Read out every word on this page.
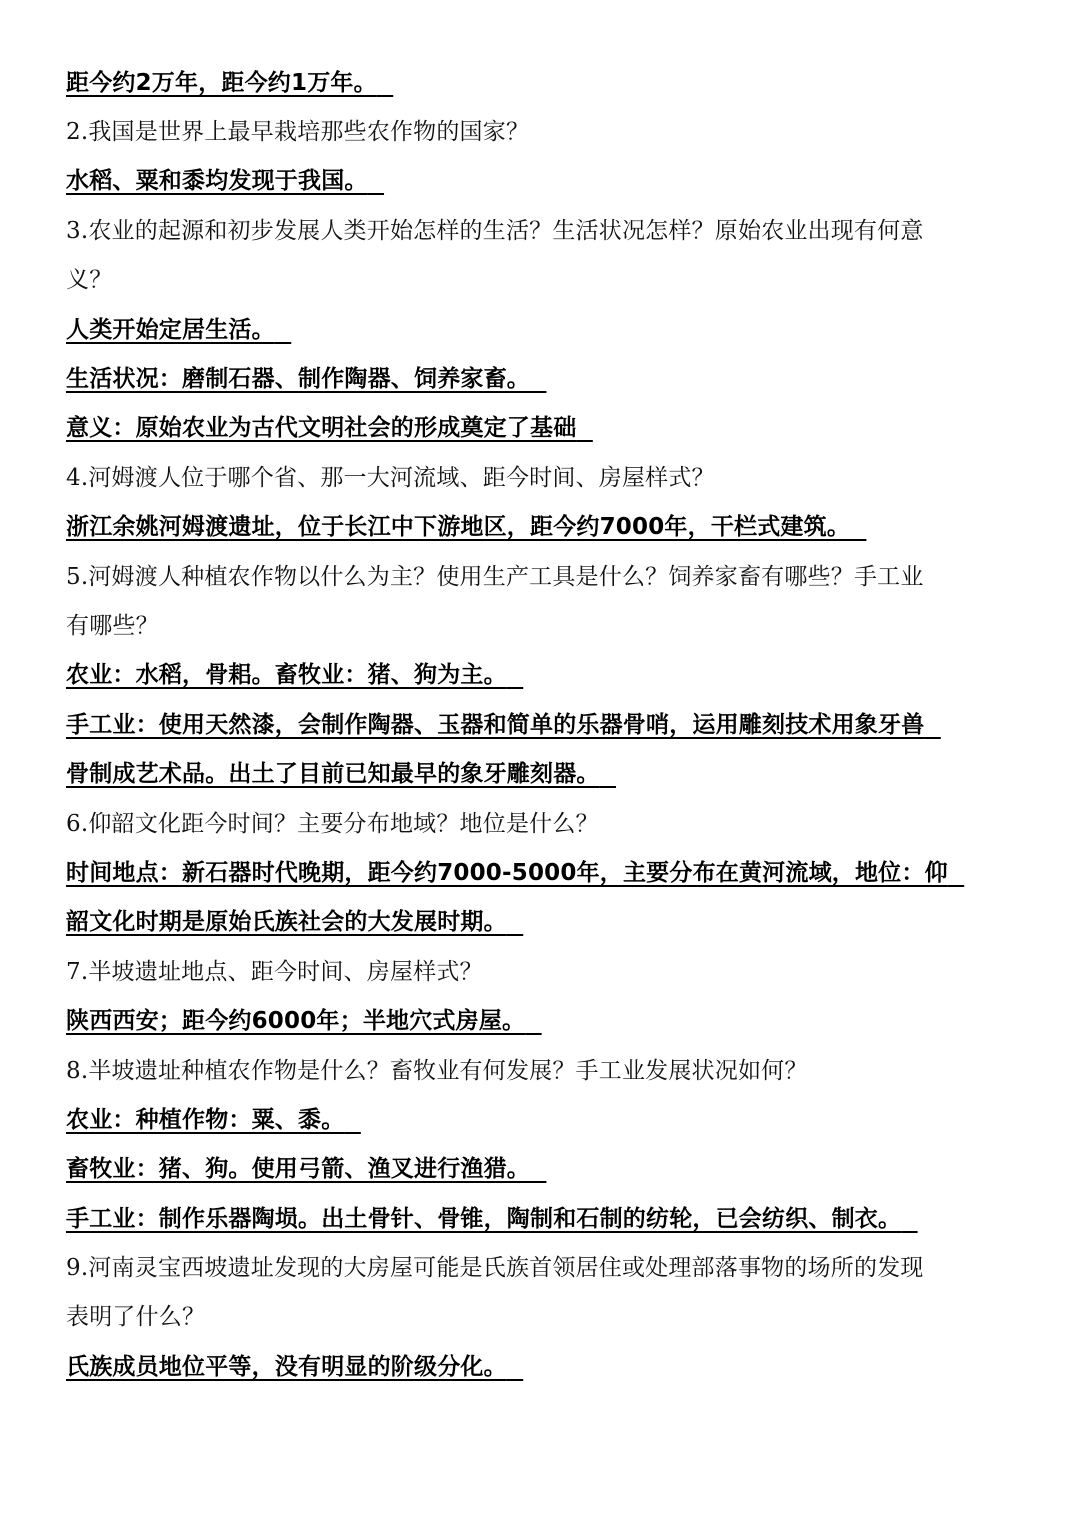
距今约2万年，距今约1万年。
2.我国是世界上最早栽培那些农作物的国家？
水稻、粟和黍均发现于我国。
3.农业的起源和初步发展人类开始怎样的生活？生活状况怎样？原始农业出现有何意
义？
人类开始定居生活。
生活状况：磨制石器、制作陶器、饲养家畜。
意义：原始农业为古代文明社会的形成奠定了基础
4.河姆渡人位于哪个省、那一大河流域、距今时间、房屋样式？
浙江余姚河姆渡遗址，位于长江中下游地区，距今约7000年，干栏式建筑。
5.河姆渡人种植农作物以什么为主？使用生产工具是什么？饲养家畜有哪些？手工业
有哪些？
农业：水稻，骨耜。畜牧业：猪、狗为主。
手工业：使用天然漆，会制作陶器、玉器和简单的乐器骨哨，运用雕刻技术用象牙兽
骨制成艺术品。出土了目前已知最早的象牙雕刻器。
6.仰韶文化距今时间？主要分布地域？地位是什么？
时间地点：新石器时代晚期，距今约7000-5000年，主要分布在黄河流域，地位：仰
韶文化时期是原始氏族社会的大发展时期。
7.半坡遗址地点、距今时间、房屋样式？
陕西西安；距今约6000年；半地穴式房屋。
8.半坡遗址种植农作物是什么？畜牧业有何发展？手工业发展状况如何？
农业：种植作物：粟、黍。
畜牧业：猪、狗。使用弓箭、渔叉进行渔猎。
手工业：制作乐器陶埙。出土骨针、骨锥，陶制和石制的纺轮，已会纺织、制衣。
9.河南灵宝西坡遗址发现的大房屋可能是氏族首领居住或处理部落事物的场所的发现
表明了什么？
氏族成员地位平等，没有明显的阶级分化。
